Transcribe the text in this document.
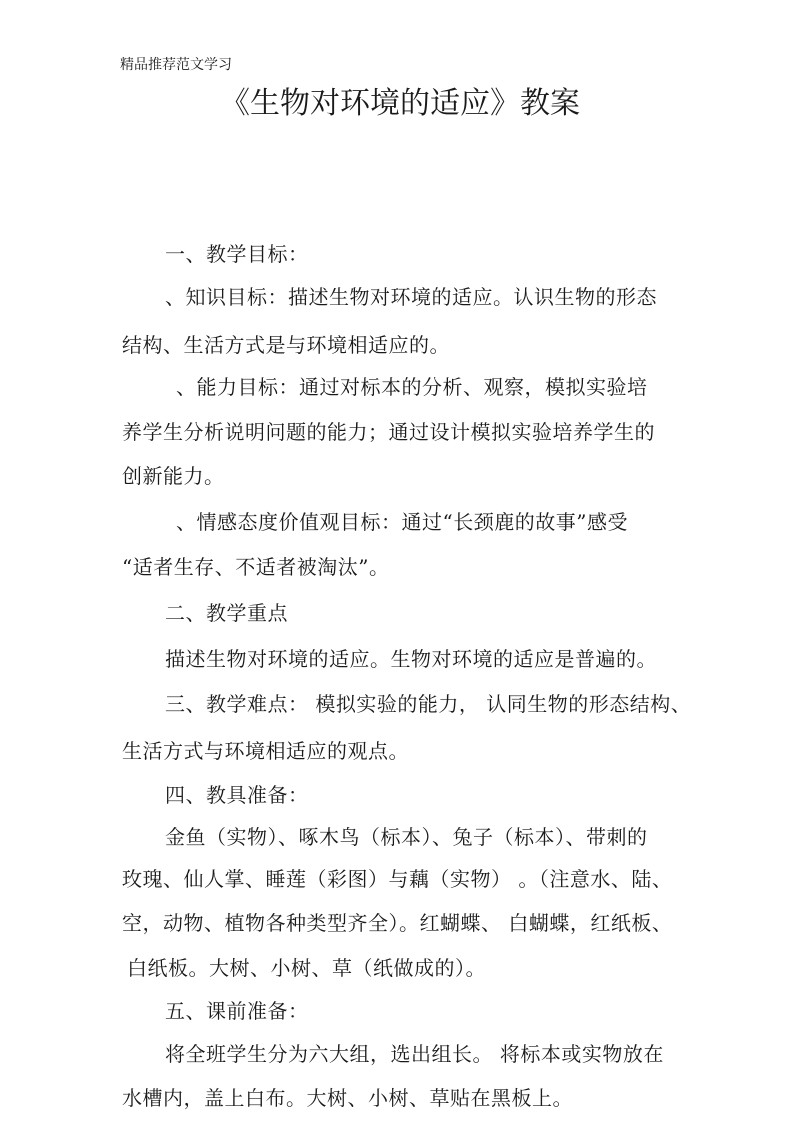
精品推荐范文学习
《生物对环境的适应》教案
一、教学目标：
、知识目标：描述生物对环境的适应。认识生物的形态
结构、生活方式是与环境相适应的。
、能力目标：通过对标本的分析、观察，模拟实验培
养学生分析说明问题的能力；通过设计模拟实验培养学生的
创新能力。
、情感态度价值观目标：通过“长颈鹿的故事”感受
“适者生存、不适者被淘汰”。
二、教学重点
描述生物对环境的适应。生物对环境的适应是普遍的。
三、教学难点： 模拟实验的能力， 认同生物的形态结构、
生活方式与环境相适应的观点。
四、教具准备：
金鱼（实物）、啄木鸟（标本）、兔子（标本）、带刺的
玫瑰、仙人掌、睡莲（彩图）与藕（实物） 。（注意水、陆、
空，动物、植物各种类型齐全）。红蝴蝶、 白蝴蝶，红纸板、
白纸板。大树、小树、草（纸做成的）。
五、课前准备：
将全班学生分为六大组，选出组长。 将标本或实物放在
水槽内，盖上白布。大树、小树、草贴在黑板上。
